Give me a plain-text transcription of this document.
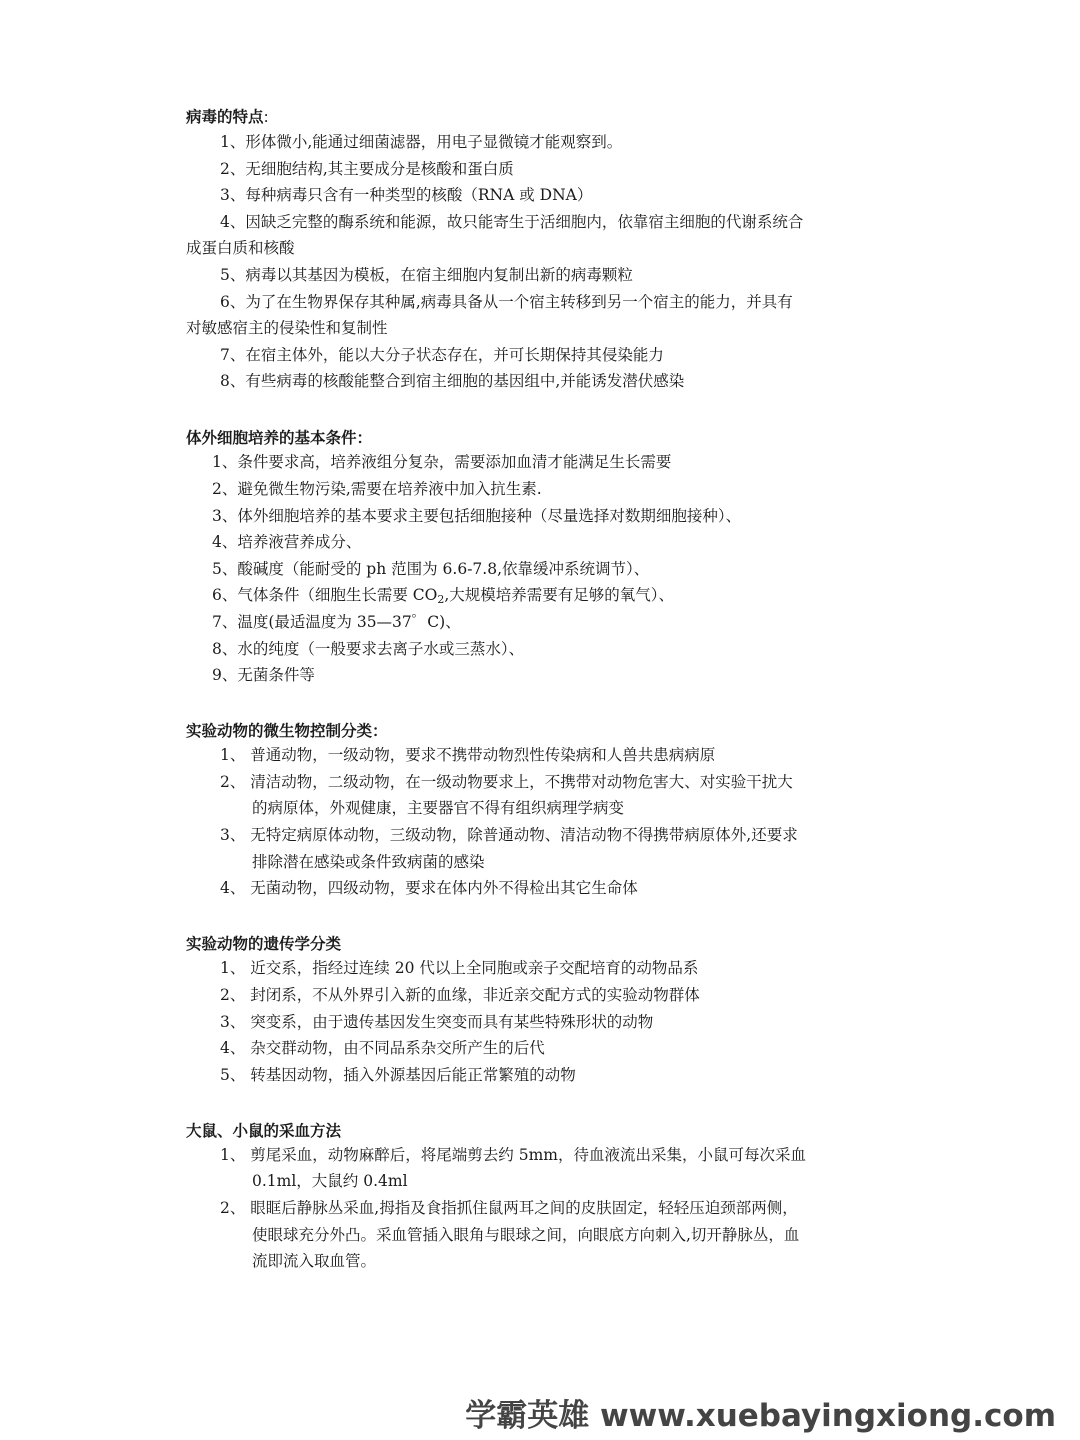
病毒的特点:
1、形体微小,能通过细菌滤器，用电子显微镜才能观察到。
2、无细胞结构,其主要成分是核酸和蛋白质
3、每种病毒只含有一种类型的核酸（RNA 或 DNA）
4、因缺乏完整的酶系统和能源，故只能寄生于活细胞内，依靠宿主细胞的代谢系统合
成蛋白质和核酸
5、病毒以其基因为模板，在宿主细胞内复制出新的病毒颗粒
6、为了在生物界保存其种属,病毒具备从一个宿主转移到另一个宿主的能力，并具有
对敏感宿主的侵染性和复制性
7、在宿主体外，能以大分子状态存在，并可长期保持其侵染能力
8、有些病毒的核酸能整合到宿主细胞的基因组中,并能诱发潜伏感染
体外细胞培养的基本条件：
1、条件要求高，培养液组分复杂，需要添加血清才能满足生长需要
2、避免微生物污染,需要在培养液中加入抗生素.
3、体外细胞培养的基本要求主要包括细胞接种（尽量选择对数期细胞接种）、
4、培养液营养成分、
5、酸碱度（能耐受的 ph 范围为 6.6-7.8,依靠缓冲系统调节）、
6、气体条件（细胞生长需要 $CO_2$,大规模培养需要有足够的氧气）、
7、温度(最适温度为 35—37゜C)、
8、水的纯度（一般要求去离子水或三蒸水）、
9、无菌条件等
实验动物的微生物控制分类：
1、 普通动物，一级动物，要求不携带动物烈性传染病和人兽共患病病原
2、 清洁动物，二级动物，在一级动物要求上，不携带对动物危害大、对实验干扰大
的病原体，外观健康，主要器官不得有组织病理学病变
3、 无特定病原体动物，三级动物，除普通动物、清洁动物不得携带病原体外,还要求
排除潜在感染或条件致病菌的感染
4、 无菌动物，四级动物，要求在体内外不得检出其它生命体
实验动物的遗传学分类
1、 近交系，指经过连续 20 代以上全同胞或亲子交配培育的动物品系
2、 封闭系，不从外界引入新的血缘，非近亲交配方式的实验动物群体
3、 突变系，由于遗传基因发生突变而具有某些特殊形状的动物
4、 杂交群动物，由不同品系杂交所产生的后代
5、 转基因动物，插入外源基因后能正常繁殖的动物
大鼠、小鼠的采血方法
1、 剪尾采血，动物麻醉后，将尾端剪去约 5mm，待血液流出采集，小鼠可每次采血
0.1ml，大鼠约 0.4ml
2、 眼眶后静脉丛采血,拇指及食指抓住鼠两耳之间的皮肤固定，轻轻压迫颈部两侧，
使眼球充分外凸。采血管插入眼角与眼球之间，向眼底方向刺入,切开静脉丛，血
流即流入取血管。
学霸英雄 www.xuebayingxiong.com
